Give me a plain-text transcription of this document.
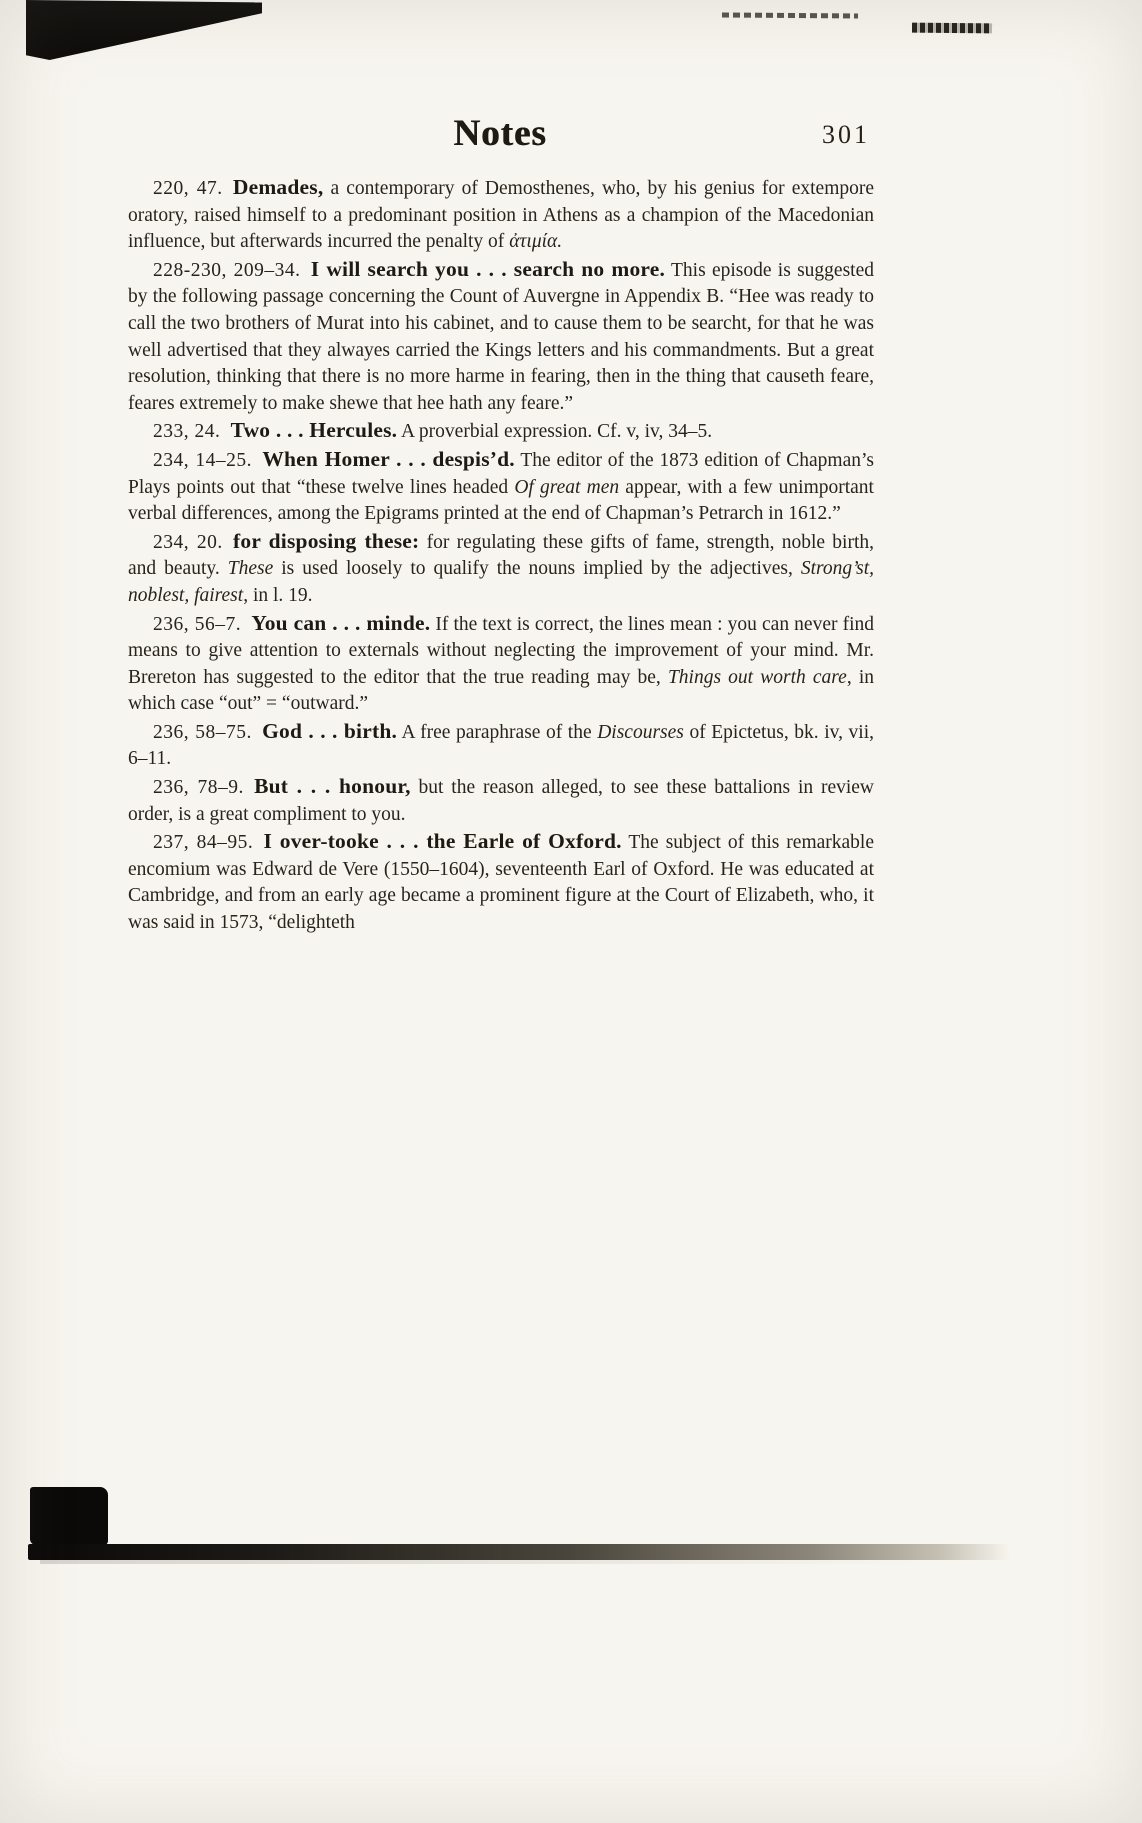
Notes	301

220, 47. Demades, a contemporary of Demosthenes, who, by his genius for extempore oratory, raised himself to a predominant position in Athens as a champion of the Macedonian influence, but afterwards incurred the penalty of ἀτιμία.

228-230, 209–34. I will search you . . . search no more. This episode is suggested by the following passage concerning the Count of Auvergne in Appendix B. “Hee was ready to call the two brothers of Murat into his cabinet, and to cause them to be searcht, for that he was well advertised that they alwayes carried the Kings letters and his commandments. But a great resolution, thinking that there is no more harme in fearing, then in the thing that causeth feare, feares extremely to make shewe that hee hath any feare.”

233, 24. Two . . . Hercules. A proverbial expression. Cf. v, iv, 34–5.

234, 14–25. When Homer . . . despis’d. The editor of the 1873 edition of Chapman’s Plays points out that “these twelve lines headed Of great men appear, with a few unimportant verbal differences, among the Epigrams printed at the end of Chapman’s Petrarch in 1612.”

234, 20. for disposing these: for regulating these gifts of fame, strength, noble birth, and beauty. These is used loosely to qualify the nouns implied by the adjectives, Strong’st, noblest, fairest, in l. 19.

236, 56–7. You can . . . minde. If the text is correct, the lines mean : you can never find means to give attention to externals without neglecting the improvement of your mind. Mr. Brereton has suggested to the editor that the true reading may be, Things out worth care, in which case “out” = “outward.”

236, 58–75. God . . . birth. A free paraphrase of the Discourses of Epictetus, bk. iv, vii, 6–11.

236, 78–9. But . . . honour, but the reason alleged, to see these battalions in review order, is a great compliment to you.

237, 84–95. I over-tooke . . . the Earle of Oxford. The subject of this remarkable encomium was Edward de Vere (1550–1604), seventeenth Earl of Oxford. He was educated at Cambridge, and from an early age became a prominent figure at the Court of Elizabeth, who, it was said in 1573, “delighteth
